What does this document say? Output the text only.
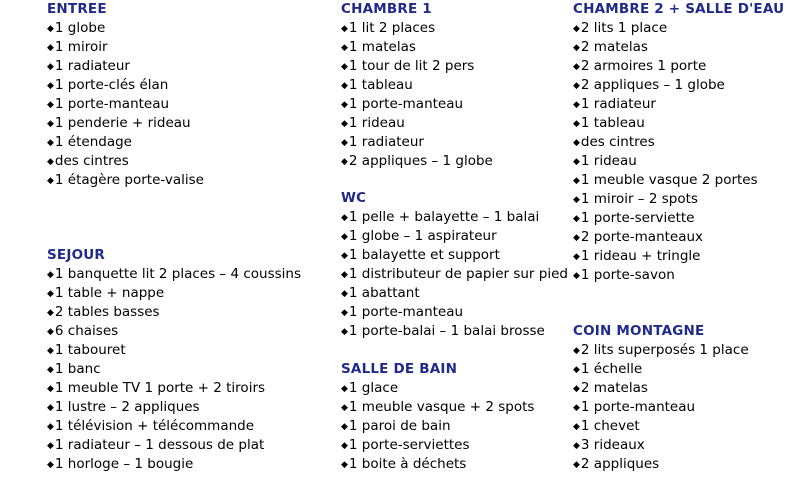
ENTREE
◆1 globe
◆1 miroir
◆1 radiateur
◆1 porte-clés élan
◆1 porte-manteau
◆1 penderie + rideau
◆1 étendage
◆des cintres
◆1 étagère porte-valise
SEJOUR
◆1 banquette lit 2 places – 4 coussins
◆1 table + nappe
◆2 tables basses
◆6 chaises
◆1 tabouret
◆1 banc
◆1 meuble TV 1 porte + 2 tiroirs
◆1 lustre – 2 appliques
◆1 télévision + télécommande
◆1 radiateur – 1 dessous de plat
◆1 horloge – 1 bougie
CHAMBRE 1
◆1 lit 2 places
◆1 matelas
◆1 tour de lit 2 pers
◆1 tableau
◆1 porte-manteau
◆1 rideau
◆1 radiateur
◆2 appliques – 1 globe
WC
◆1 pelle + balayette – 1 balai
◆1 globe – 1 aspirateur
◆1 balayette et support
◆1 distributeur de papier sur pied
◆1 abattant
◆1 porte-manteau
◆1 porte-balai – 1 balai brosse
SALLE DE BAIN
◆1 glace
◆1 meuble vasque + 2 spots
◆1 paroi de bain
◆1 porte-serviettes
◆1 boite à déchets
CHAMBRE 2 + SALLE D'EAU
◆2 lits 1 place
◆2 matelas
◆2 armoires 1 porte
◆2 appliques – 1 globe
◆1 radiateur
◆1 tableau
◆des cintres
◆1 rideau
◆1 meuble vasque 2 portes
◆1 miroir – 2 spots
◆1 porte-serviette
◆2 porte-manteaux
◆1 rideau + tringle
◆1 porte-savon
COIN MONTAGNE
◆2 lits superposés 1 place
◆1 échelle
◆2 matelas
◆1 porte-manteau
◆1 chevet
◆3 rideaux
◆2 appliques
